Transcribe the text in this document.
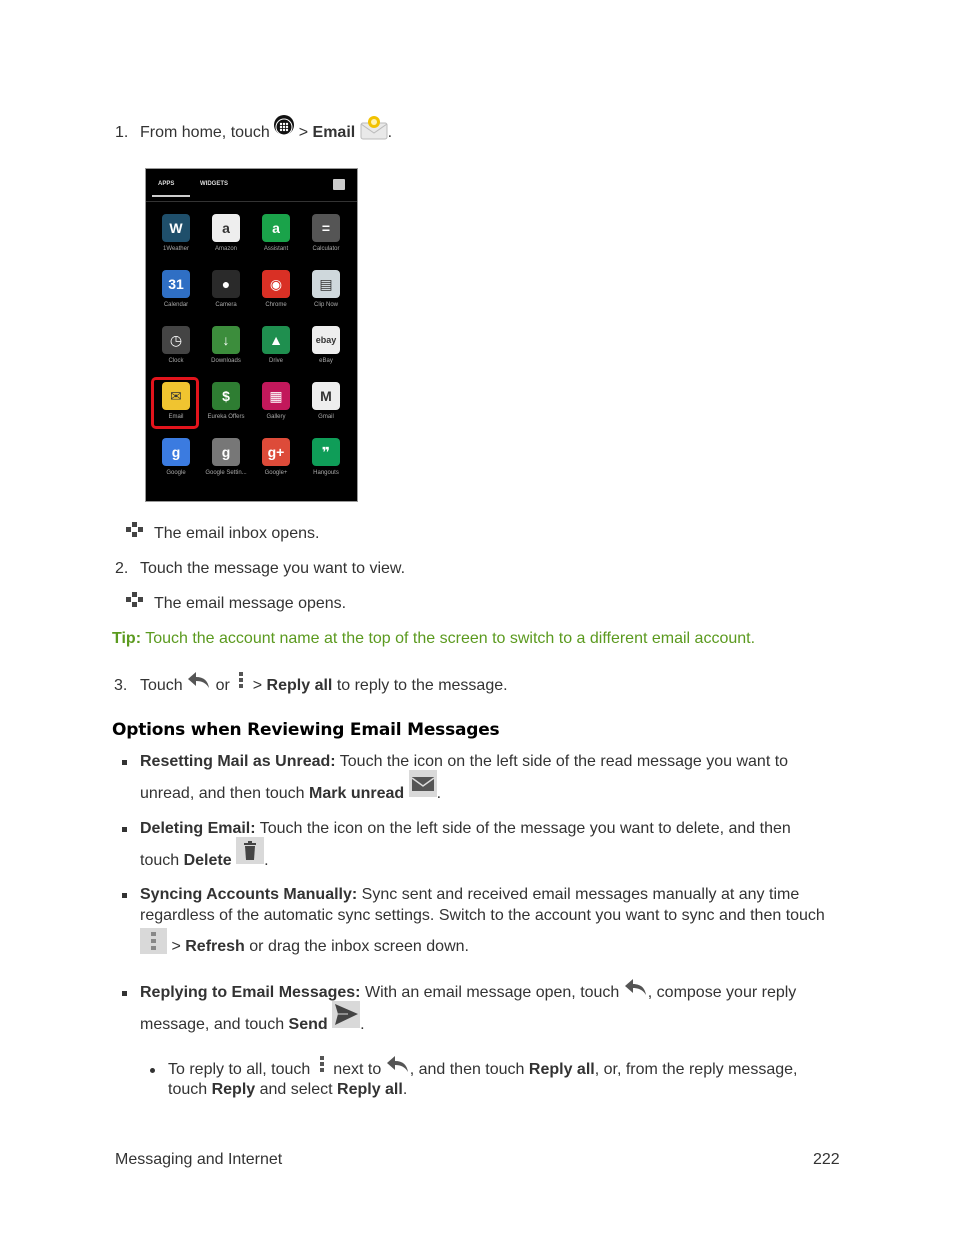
1. From home, touch > Email .
APPS	WIDGETS
W
1Weather
a
Amazon
a
Assistant
=
Calculator
31
Calendar
●
Camera
◉
Chrome
▤
Clip Now
◷
Clock
↓
Downloads
▲
Drive
ebay
eBay
✉
Email
$
Eureka Offers
▦
Gallery
M
Gmail
g
Google
g
Google Settin...
g+
Google+
❞
Hangouts
The email inbox opens.
2. Touch the message you want to view.
The email message opens.
Tip: Touch the account name at the top of the screen to switch to a different email account.
3. Touch or > Reply all to reply to the message.
Options when Reviewing Email Messages
Resetting Mail as Unread: Touch the icon on the left side of the read message you want to
unread, and then touch Mark unread .
Deleting Email: Touch the icon on the left side of the message you want to delete, and then
touch Delete .
Syncing Accounts Manually: Sync sent and received email messages manually at any time
regardless of the automatic sync settings. Switch to the account you want to sync and then touch
> Refresh or drag the inbox screen down.
Replying to Email Messages: With an email message open, touch , compose your reply
message, and touch Send .
To reply to all, touch next to , and then touch Reply all, or, from the reply message,
touch Reply and select Reply all.
Messaging and Internet	222
